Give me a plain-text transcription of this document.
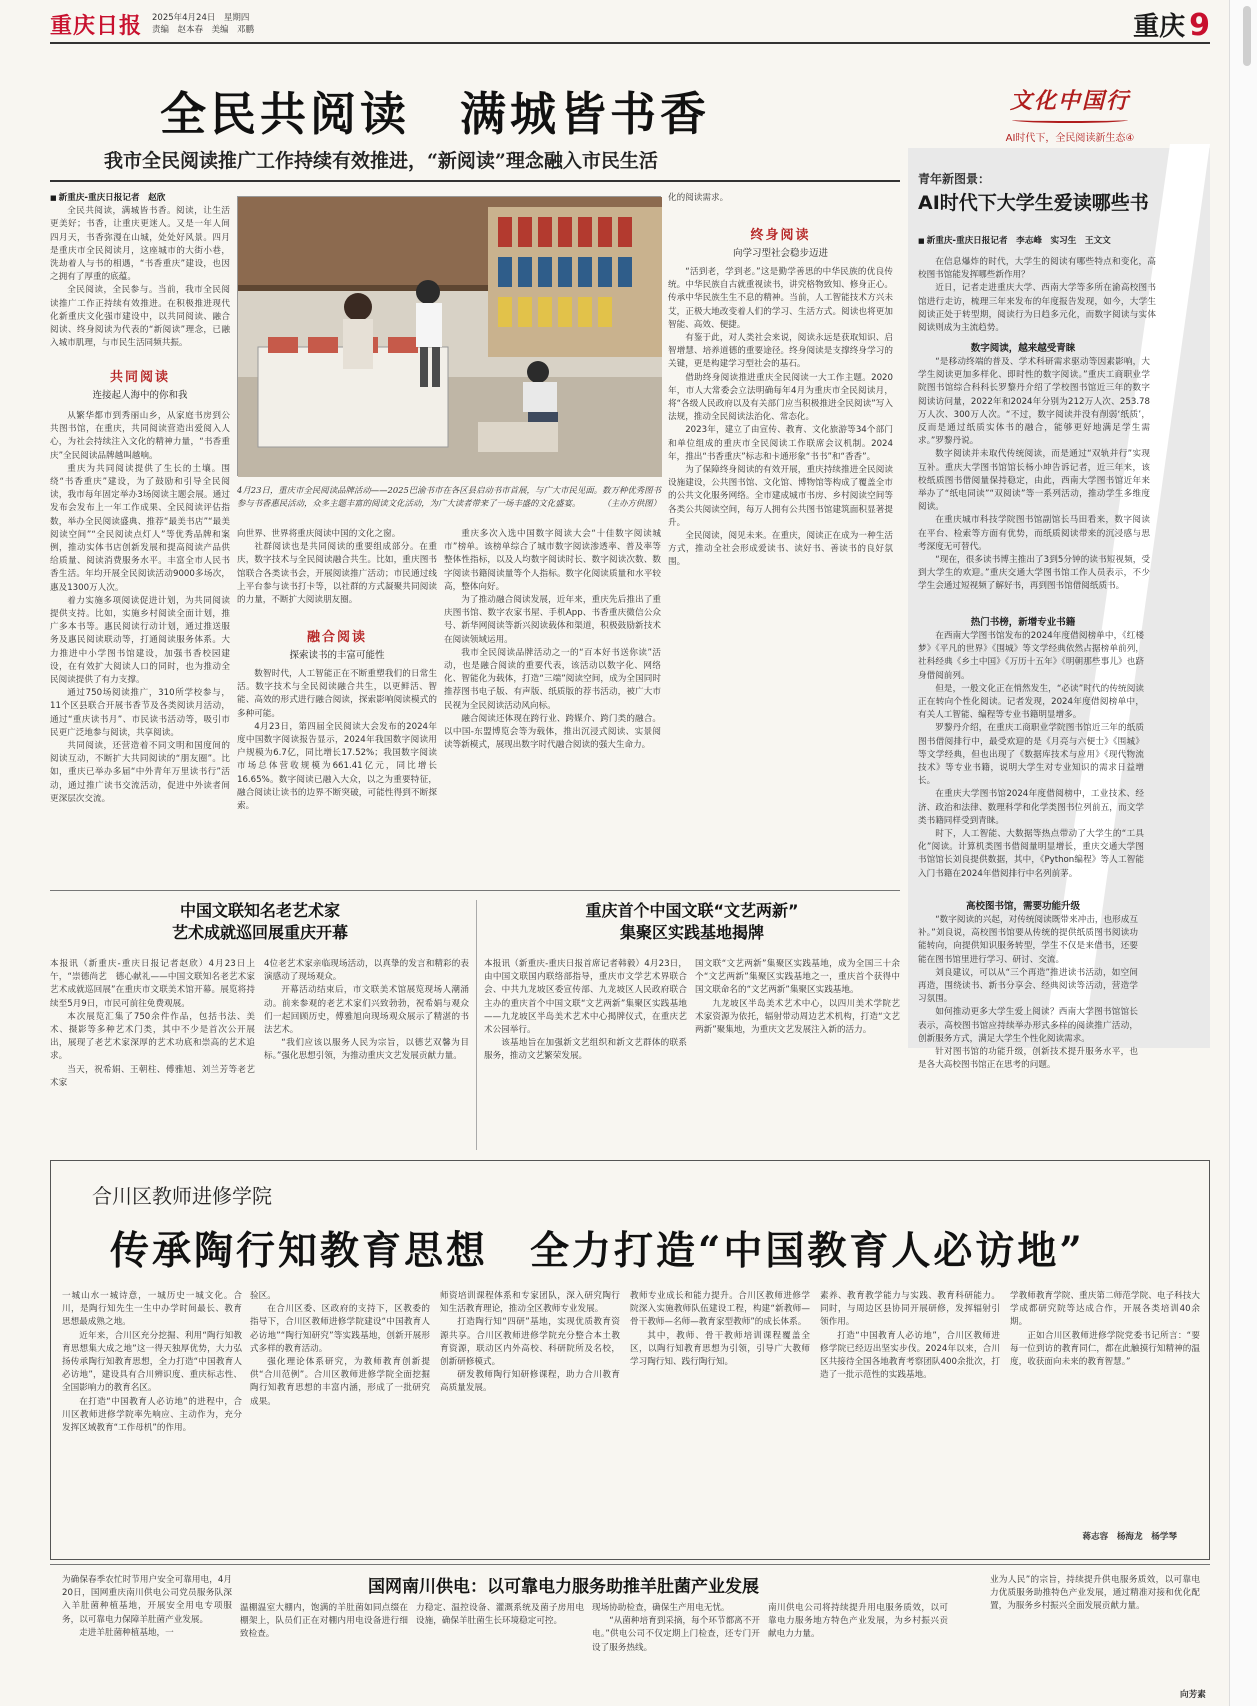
重庆日报 2025年4月24日　星期四
责编　赵本春　美编　邓鹏	重庆 9
全民共阅读　满城皆书香
我市全民阅读推广工作持续有效推进，“新阅读”理念融入市民生活
文化中国行
AI时代下，全民阅读新生态④
■ 新重庆-重庆日报记者　赵欣

全民共阅读，满城皆书香。阅读，让生活更美好；书香，让重庆更迷人。又是一年人间四月天，书香弥漫在山城，处处好风景。四月是重庆市全民阅读月，这座城市的大街小巷，洗劫着人与书的相遇，“书香重庆”建设，也因之拥有了厚重的底蕴。

全民阅读，全民参与。当前，我市全民阅读推广工作正持续有效推进。在积极推进现代化新重庆文化强市建设中，以共同阅读、融合阅读、终身阅读为代表的“新阅读”理念，已融入城市肌理，与市民生活同频共振。

共同阅读
连接起人海中的你和我

从繁华都市到秀丽山乡，从家庭书房到公共图书馆，在重庆，共同阅读营造出爱阅入人心，为社会持续注入文化的精神力量，“书香重庆”全民阅读品牌越叫越响。

重庆为共同阅读提供了生长的土壤。围绕“书香重庆”建设，为了鼓励和引导全民阅读，我市每年固定举办3场阅读主题会展。通过发布会发布上一年工作成果、全民阅读评估指数，举办全民阅读盛典、推荐“最美书店”“最美阅读空间”“全民阅读点灯人”等优秀品牌和案例，推动实体书店创新发展和提高阅读产品供给质量、阅读消费服务水平。丰富全市人民书香生活。年均开展全民阅读活动9000多场次，惠及1300万人次。

着力实施多项阅读促进计划，为共同阅读提供支持。比如，实施乡村阅读全面计划，推广多本书等。惠民阅读行动计划，通过推送服务及惠民阅读联动等，打通阅读服务体系。大力推进中小学图书馆建设，加强书香校园建设，在有效扩大阅读人口的同时，也为推动全民阅读提供了有力支撑。

通过750场阅读推广，310所学校参与，11个区县联合开展书香节及各类阅读月活动，通过“重庆读书月”、市民读书活动等，吸引市民更广泛地参与阅读，共享阅读。

共同阅读，还营造着不同文明和国度间的阅读互动，不断扩大共同阅读的“朋友圈”。比如，重庆已举办多届“中外青年万里读书行”活动，通过推广读书交流活动，促进中外读者间更深层次交流。

4月23日，重庆市全民阅读品牌活动——2025巴渝书市在各区县启动书市首展，与广大市民见面。数万种优秀图书参与书香惠民活动，众多主题丰富的阅读文化活动，为广大读者带来了一场丰盛的文化盛宴。	（主办方供图）

向世界、世界将重庆阅读中国的文化之窗。

社群阅读也是共同阅读的重要组成部分。在重庆，数字技术与全民阅读融合共生。比如，重庆图书馆联合各类读书会，开展阅读推广活动；市民通过线上平台参与读书打卡等，以社群的方式凝聚共同阅读的力量，不断扩大阅读朋友圈。

融合阅读
探索读书的丰富可能性

数智时代，人工智能正在不断重塑我们的日常生活。数字技术与全民阅读融合共生，以更鲜活、智能、高效的形式进行融合阅读，探索影响阅读模式的多种可能。

4月23日，第四届全民阅读大会发布的2024年度中国数字阅读报告显示，2024年我国数字阅读用户规模为6.7亿，同比增长17.52%；我国数字阅读市场总体营收规模为661.41亿元，同比增长16.65%。数字阅读已融入大众，以之为重要特征，融合阅读让读书的边界不断突破，可能性得到不断探索。

重庆多次入选中国数字阅读大会“十佳数字阅读城市”榜单。该榜单综合了城市数字阅读渗透率、普及率等整体性指标，以及人均数字阅读时长、数字阅读次数、数字阅读书籍阅读量等个人指标。数字化阅读质量和水平较高，整体向好。

为了推动融合阅读发展，近年来，重庆先后推出了重庆图书馆、数字农家书屋、手机App、书香重庆微信公众号、新华网阅读等新兴阅读载体和渠道，积极鼓励新技术在阅读领域运用。

我市全民阅读品牌活动之一的“百本好书送你读”活动，也是融合阅读的重要代表，该活动以数字化、网络化、智能化为载体，打造“三端”阅读空间，成为全国同时推荐图书电子版、有声版、纸质版的荐书活动，被广大市民视为全民阅读活动风向标。

融合阅读还体现在跨行业、跨媒介、跨门类的融合。以中国-东盟博览会等为载体，推出沉浸式阅读、实景阅读等新模式，展现出数字时代融合阅读的强大生命力。

化的阅读需求。

终身阅读
向学习型社会稳步迈进

“活到老，学到老。”这是勤学善思的中华民族的优良传统。中华民族自古就重视读书，讲究格物致知、修身正心。传承中华民族生生不息的精神。当前，人工智能技术方兴未艾，正极大地改变着人们的学习、生活方式。阅读也将更加智能、高效、便捷。

有鉴于此，对人类社会来说，阅读永远是获取知识、启智增慧、培养道德的重要途径。终身阅读是支撑终身学习的关键，更是构建学习型社会的基石。

借助终身阅读推进重庆全民阅读一大工作主题。2020年，市人大常委会立法明确每年4月为重庆市全民阅读月，将“各级人民政府以及有关部门应当积极推进全民阅读”写入法规，推动全民阅读法治化、常态化。

2023年，建立了由宣传、教育、文化旅游等34个部门和单位组成的重庆市全民阅读工作联席会议机制。2024年，推出“书香重庆”标志和卡通形象“书书”和“香香”。

为了保障终身阅读的有效开展，重庆持续推进全民阅读设施建设，公共图书馆、文化馆、博物馆等构成了覆盖全市的公共文化服务网络。全市建成城市书房、乡村阅读空间等各类公共阅读空间，每万人拥有公共图书馆建筑面积显著提升。

全民阅读，阅见未来。在重庆，阅读正在成为一种生活方式，推动全社会形成爱读书、读好书、善读书的良好氛围。

青年新图景：
AI时代下大学生爱读哪些书
■ 新重庆-重庆日报记者　李志峰　实习生　王文文

在信息爆炸的时代，大学生的阅读有哪些特点和变化，高校图书馆能发挥哪些新作用？

近日，记者走进重庆大学、西南大学等多所在渝高校图书馆进行走访，梳理三年来发布的年度报告发现，如今，大学生阅读正处于转型期，阅读行为日趋多元化，而数字阅读与实体阅读则成为主流趋势。

数字阅读，越来越受青睐

“是移动终端的普及、学术科研需求驱动等因素影响，大学生阅读更加多样化、即时性的数字阅读。”重庆工商职业学院图书馆综合科科长罗黎丹介绍了学校图书馆近三年的数字阅读访问量，2022年和2024年分别为212万人次、253.78万人次、300万人次。“不过，数字阅读并没有削弱‘纸质’，反而是通过纸质实体书的融合，能够更好地满足学生需求。”罗黎丹说。

数字阅读并未取代传统阅读，而是通过“双轨并行”实现互补。重庆大学图书馆馆长杨小坤告诉记者，近三年来，该校纸质图书借阅量保持稳定，由此，西南大学图书馆近年来举办了“纸电同读”“双阅读”等一系列活动，推动学生多维度阅读。

在重庆城市科技学院图书馆副馆长马田看来，数字阅读在平台、检索等方面有优势，而纸质阅读带来的沉浸感与思考深度无可替代。

“现在，很多读书博主推出了3到5分钟的读书短视频，受到大学生的欢迎。”重庆交通大学图书馆工作人员表示，不少学生会通过短视频了解好书，再到图书馆借阅纸质书。

热门书榜，新增专业书籍

在西南大学图书馆发布的2024年度借阅榜单中，《红楼梦》《平凡的世界》《围城》等文学经典依然占据榜单前列，社科经典《乡土中国》《万历十五年》《明朝那些事儿》也跻身借阅前列。

但是，一般文化正在悄然发生，“必读”时代的传统阅读正在转向个性化阅读。记者发现，2024年度借阅榜单中，有关人工智能、编程等专业书籍明显增多。

罗黎丹介绍，在重庆工商职业学院图书馆近三年的纸质图书借阅排行中，最受欢迎的是《月亮与六便士》《围城》等文学经典，但也出现了《数据库技术与应用》《现代物流技术》等专业书籍，说明大学生对专业知识的需求日益增长。

在重庆大学图书馆2024年度借阅榜中，工业技术、经济、政治和法律、数理科学和化学类图书位列前五，而文学类书籍同样受到青睐。

时下，人工智能、大数据等热点带动了大学生的“工具化”阅读。计算机类图书借阅量明显增长，重庆交通大学图书馆馆长刘良提供数据，其中，《Python编程》等人工智能入门书籍在2024年借阅排行中名列前茅。

高校图书馆，需要功能升级

“数字阅读的兴起，对传统阅读既带来冲击，也形成互补。”刘良说，高校图书馆要从传统的提供纸质图书阅读功能转向，向提供知识服务转型，学生不仅是来借书，还要能在图书馆里进行学习、研讨、交流。

刘良建议，可以从“三个再造”推进读书活动，如空间再造，围绕读书、新书分享会、经典阅读等活动，营造学习氛围。

如何推动更多大学生爱上阅读？西南大学图书馆馆长表示，高校图书馆应持续举办形式多样的阅读推广活动，创新服务方式，满足大学生个性化阅读需求。

针对图书馆的功能升级，创新技术提升服务水平，也是各大高校图书馆正在思考的问题。

中国文联知名老艺术家
艺术成就巡回展重庆开幕

本报讯（新重庆-重庆日报记者赵欣）4月23日上午，“崇德尚艺　德心献礼——中国文联知名老艺术家艺术成就巡回展”在重庆市文联美术馆开幕。展览将持续至5月9日，市民可前往免费观展。

本次展览汇集了750余件作品，包括书法、美术、摄影等多种艺术门类，其中不少是首次公开展出，展现了老艺术家深厚的艺术功底和崇高的艺术追求。

当天，祝希娟、王朝柱、傅雅旭、刘兰芳等老艺术家

4位老艺术家亲临现场活动，以真挚的发言和精彩的表演感动了现场观众。

开幕活动结束后，市文联美术馆展览现场人潮涌动。前来参观的老艺术家们兴致勃勃，祝希娟与观众们一起回顾历史，傅雅旭向现场观众展示了精湛的书法艺术。

“我们应该以服务人民为宗旨，以德艺双馨为目标。”强化思想引领，为推动重庆文艺发展贡献力量。

重庆首个中国文联“文艺两新”
集聚区实践基地揭牌

本报讯（新重庆-重庆日报首席记者韩毅）4月23日，由中国文联国内联络部指导，重庆市文学艺术界联合会、中共九龙坡区委宣传部、九龙坡区人民政府联合主办的重庆首个中国文联“文艺两新”集聚区实践基地——九龙坡区半岛美术艺术中心揭牌仪式，在重庆艺术公园举行。

该基地旨在加强新文艺组织和新文艺群体的联系服务，推动文艺繁荣发展。

国文联“文艺两新”集聚区实践基地，成为全国三十余个“文艺两新”集聚区实践基地之一，重庆首个获得中国文联命名的“文艺两新”集聚区实践基地。

九龙坡区半岛美术艺术中心，以四川美术学院艺术家资源为依托，辐射带动周边艺术机构，打造“文艺两新”聚集地，为重庆文艺发展注入新的活力。

合川区教师进修学院
传承陶行知教育思想　全力打造“中国教育人必访地”

一城山水一城诗意，一城历史一城文化。合川，是陶行知先生一生中办学时间最长、教育思想最成熟之地。

近年来，合川区充分挖掘、利用“陶行知教育思想集大成之地”这一得天独厚优势，大力弘扬传承陶行知教育思想，全力打造“中国教育人必访地”，建设具有合川辨识度、重庆标志性、全国影响力的教育名区。

在打造“中国教育人必访地”的进程中，合川区教师进修学院率先响应、主动作为，充分发挥区域教育“工作母机”的作用。

验区。

在合川区委、区政府的支持下，区教委的指导下，合川区教师进修学院建设“中国教育人必访地”“陶行知研究”等实践基地，创新开展形式多样的教育活动。

强化理论体系研究，为教师教育创新提供“合川范例”。合川区教师进修学院全面挖掘陶行知教育思想的丰富内涵，形成了一批研究成果。

师资培训课程体系和专家团队，深入研究陶行知生活教育理论，推动全区教师专业发展。

打造陶行知“四研”基地，实现优质教育资源共享。合川区教师进修学院充分整合本土教育资源，联动区内外高校、科研院所及名校，创新研修模式。

研发教师陶行知研修课程，助力合川教育高质量发展。

教师专业成长和能力提升。合川区教师进修学院深入实施教师队伍建设工程，构建“新教师—骨干教师—名师—教育家型教师”的成长体系。

其中，教师、骨干教师培训课程覆盖全区，以陶行知教育思想为引领，引导广大教师学习陶行知、践行陶行知。

素养、教育教学能力与实践、教育科研能力。同时，与周边区县协同开展研修，发挥辐射引领作用。

打造“中国教育人必访地”，合川区教师进修学院已经迈出坚实步伐。2024年以来，合川区共接待全国各地教育考察团队400余批次，打造了一批示范性的实践基地。

学教师教育学院、重庆第二师范学院、电子科技大学成都研究院等达成合作，开展各类培训40余期。

正如合川区教师进修学院党委书记所言：“要每一位到访的教育同仁，都在此触摸行知精神的温度，收获面向未来的教育智慧。”

蒋志容　杨海龙　杨学琴

为确保春季农忙时节用户安全可靠用电，4月20日，国网重庆南川供电公司党员服务队深入羊肚菌种植基地，开展安全用电专项服务，以可靠电力保障羊肚菌产业发展。

走进羊肚菌种植基地，一

国网南川供电：以可靠电力服务助推羊肚菌产业发展

温棚温室大棚内，饱满的羊肚菌如同点缀在棚架上，队员们正在对棚内用电设备进行细致检查。

力稳定、温控设备、灌溉系统及菌子房用电设施，确保羊肚菌生长环境稳定可控。

现场协助检查，确保生产用电无忧。

“从菌种培育到采摘，每个环节都离不开电。”供电公司不仅定期上门检查，还专门开设了服务热线。

南川供电公司将持续提升用电服务质效，以可靠电力服务地方特色产业发展，为乡村振兴贡献电力力量。

业为人民”的宗旨，持续提升供电服务质效，以可靠电力优质服务助推特色产业发展，通过精准对接和优化配置，为服务乡村振兴全面发展贡献力量。

向芳素
